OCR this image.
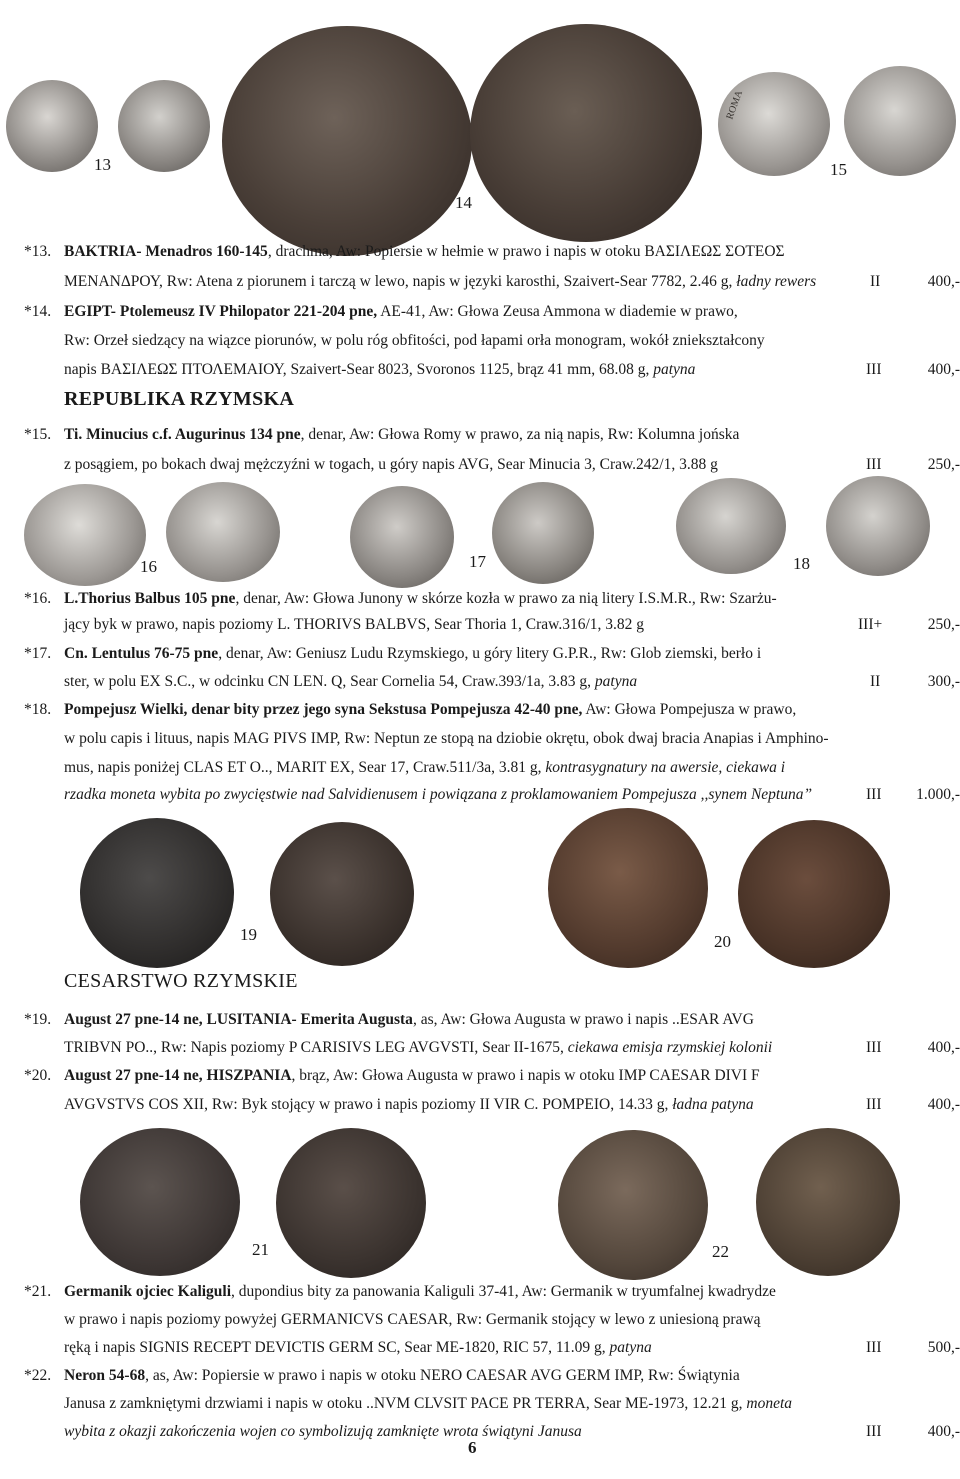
13
14
ROMA
15
*13. BAKTRIA- Menadros 160-145, drachma, Aw: Popiersie w hełmie w prawo i napis w otoku ΒΑΣΙΛΕΩΣ ΣΟΤΕΟΣ
ΜΕΝΑΝΔΡΟΥ, Rw: Atena z piorunem i tarczą w lewo, napis w języki karosthi, Szaivert-Sear 7782, 2.46 g, ładny rewers	II	400,-
*14. EGIPT- Ptolemeusz IV Philopator 221-204 pne, AE-41, Aw: Głowa Zeusa Ammona w diademie w prawo,
Rw: Orzeł siedzący na wiązce piorunów, w polu róg obfitości, pod łapami orła monogram, wokół zniekształcony
napis ΒΑΣΙΛΕΩΣ ΠΤΟΛΕΜΑΙΟΥ, Szaivert-Sear 8023, Svoronos 1125, brąz 41 mm, 68.08 g, patyna	III	400,-
REPUBLIKA RZYMSKA
*15. Ti. Minucius c.f. Augurinus 134 pne, denar, Aw: Głowa Romy w prawo, za nią napis, Rw: Kolumna jońska
z posągiem, po bokach dwaj mężczyźni w togach, u góry napis AVG, Sear Minucia 3, Craw.242/1, 3.88 g	III	250,-
16	17	18
*16. L.Thorius Balbus 105 pne, denar, Aw: Głowa Junony w skórze kozła w prawo za nią litery I.S.M.R., Rw: Szarżu-
jący byk w prawo, napis poziomy L. THORIVS BALBVS, Sear Thoria 1, Craw.316/1, 3.82 g	III+	250,-
*17. Cn. Lentulus 76-75 pne, denar, Aw: Geniusz Ludu Rzymskiego, u góry litery G.P.R., Rw: Glob ziemski, berło i
ster, w polu EX S.C., w odcinku CN LEN. Q, Sear Cornelia 54, Craw.393/1a, 3.83 g, patyna	II	300,-
*18. Pompejusz Wielki, denar bity przez jego syna Sekstusa Pompejusza 42-40 pne, Aw: Głowa Pompejusza w prawo,
w polu capis i lituus, napis MAG PIVS IMP, Rw: Neptun ze stopą na dziobie okrętu, obok dwaj bracia Anapias i Amphino-
mus, napis poniżej CLAS ET O.., MARIT EX, Sear 17, Craw.511/3a, 3.81 g, kontrasygnatury na awersie, ciekawa i
rzadka moneta wybita po zwycięstwie nad Salvidienusem i powiązana z proklamowaniem Pompejusza ,,synem Neptuna”	III 1.000,-
19	20
CESARSTWO RZYMSKIE
*19. August 27 pne-14 ne, LUSITANIA- Emerita Augusta, as, Aw: Głowa Augusta w prawo i napis ..ESAR AVG
TRIBVN PO.., Rw: Napis poziomy P CARISIVS LEG AVGVSTI, Sear II-1675, ciekawa emisja rzymskiej kolonii	III	400,-
*20. August 27 pne-14 ne, HISZPANIA, brąz, Aw: Głowa Augusta w prawo i napis w otoku IMP CAESAR DIVI F
AVGVSTVS COS XII, Rw: Byk stojący w prawo i napis poziomy II VIR C. POMPEIO, 14.33 g, ładna patyna	III	400,-
21	22
*21. Germanik ojciec Kaliguli, dupondius bity za panowania Kaliguli 37-41, Aw: Germanik w tryumfalnej kwadrydze
w prawo i napis poziomy powyżej GERMANICVS CAESAR, Rw: Germanik stojący w lewo z uniesioną prawą
ręką i napis SIGNIS RECEPT DEVICTIS GERM SC, Sear ME-1820, RIC 57, 11.09 g, patyna	III	500,-
*22. Neron 54-68, as, Aw: Popiersie w prawo i napis w otoku NERO CAESAR AVG GERM IMP, Rw: Świątynia
Janusa z zamkniętymi drzwiami i napis w otoku ..NVM CLVSIT PACE PR TERRA, Sear ME-1973, 12.21 g, moneta
wybita z okazji zakończenia wojen co symbolizują zamknięte wrota świątyni Janusa	III	400,-
6
